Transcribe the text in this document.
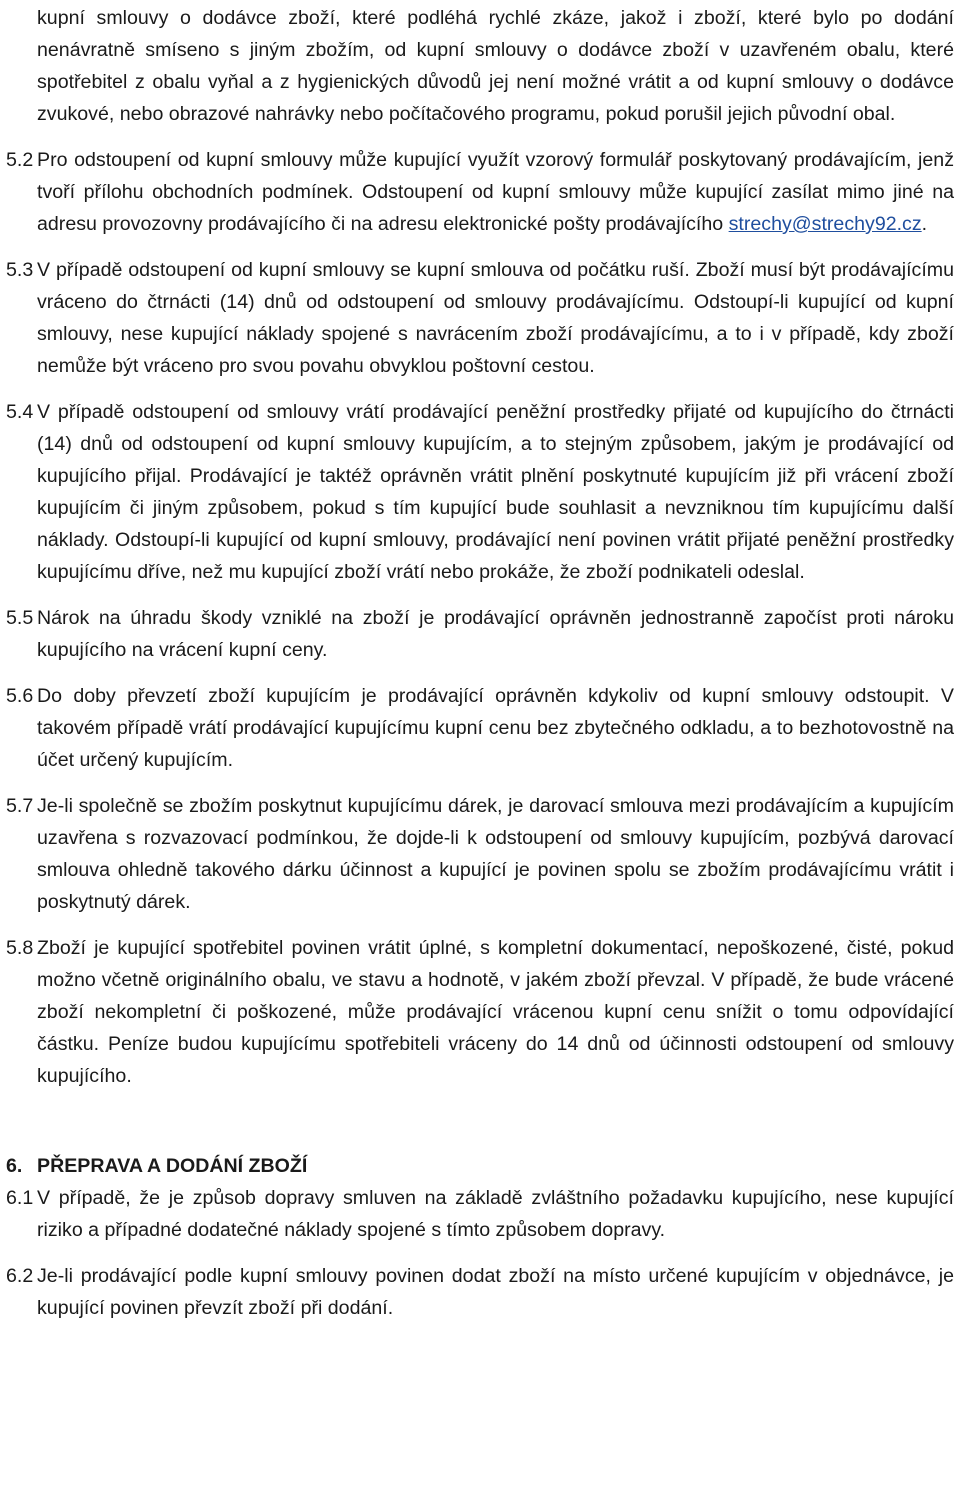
kupní smlouvy o dodávce zboží, které podléhá rychlé zkáze, jakož i zboží, které bylo po dodání nenávratně smíseno s jiným zbožím, od kupní smlouvy o dodávce zboží v uzavřeném obalu, které spotřebitel z obalu vyňal a z hygienických důvodů jej není možné vrátit a od kupní smlouvy o dodávce zvukové, nebo obrazové nahrávky nebo počítačového programu, pokud porušil jejich původní obal.

5.2 Pro odstoupení od kupní smlouvy může kupující využít vzorový formulář poskytovaný prodávajícím, jenž tvoří přílohu obchodních podmínek. Odstoupení od kupní smlouvy může kupující zasílat mimo jiné na adresu provozovny prodávajícího či na adresu elektronické pošty prodávajícího strechy@strechy92.cz.
5.3 V případě odstoupení od kupní smlouvy se kupní smlouva od počátku ruší. Zboží musí být prodávajícímu vráceno do čtrnácti (14) dnů od odstoupení od smlouvy prodávajícímu. Odstoupí-li kupující od kupní smlouvy, nese kupující náklady spojené s navrácením zboží prodávajícímu, a to i v případě, kdy zboží nemůže být vráceno pro svou povahu obvyklou poštovní cestou.
5.4 V případě odstoupení od smlouvy vrátí prodávající peněžní prostředky přijaté od kupujícího do čtrnácti (14) dnů od odstoupení od kupní smlouvy kupujícím, a to stejným způsobem, jakým je prodávající od kupujícího přijal. Prodávající je taktéž oprávněn vrátit plnění poskytnuté kupujícím již při vrácení zboží kupujícím či jiným způsobem, pokud s tím kupující bude souhlasit a nevzniknou tím kupujícímu další náklady. Odstoupí-li kupující od kupní smlouvy, prodávající není povinen vrátit přijaté peněžní prostředky kupujícímu dříve, než mu kupující zboží vrátí nebo prokáže, že zboží podnikateli odeslal.
5.5 Nárok na úhradu škody vzniklé na zboží je prodávající oprávněn jednostranně započíst proti nároku kupujícího na vrácení kupní ceny.
5.6 Do doby převzetí zboží kupujícím je prodávající oprávněn kdykoliv od kupní smlouvy odstoupit. V takovém případě vrátí prodávající kupujícímu kupní cenu bez zbytečného odkladu, a to bezhotovostně na účet určený kupujícím.
5.7 Je-li společně se zbožím poskytnut kupujícímu dárek, je darovací smlouva mezi prodávajícím a kupujícím uzavřena s rozvazovací podmínkou, že dojde-li k odstoupení od smlouvy kupujícím, pozbývá darovací smlouva ohledně takového dárku účinnost a kupující je povinen spolu se zbožím prodávajícímu vrátit i poskytnutý dárek.
5.8 Zboží je kupující spotřebitel povinen vrátit úplné, s kompletní dokumentací, nepoškozené, čisté, pokud možno včetně originálního obalu, ve stavu a hodnotě, v jakém zboží převzal. V případě, že bude vrácené zboží nekompletní či poškozené, může prodávající vrácenou kupní cenu snížit o tomu odpovídající částku. Peníze budou kupujícímu spotřebiteli vráceny do 14 dnů od účinnosti odstoupení od smlouvy kupujícího.
6. PŘEPRAVA A DODÁNÍ ZBOŽÍ
6.1 V případě, že je způsob dopravy smluven na základě zvláštního požadavku kupujícího, nese kupující riziko a případné dodatečné náklady spojené s tímto způsobem dopravy.
6.2 Je-li prodávající podle kupní smlouvy povinen dodat zboží na místo určené kupujícím v objednávce, je kupující povinen převzít zboží při dodání.
